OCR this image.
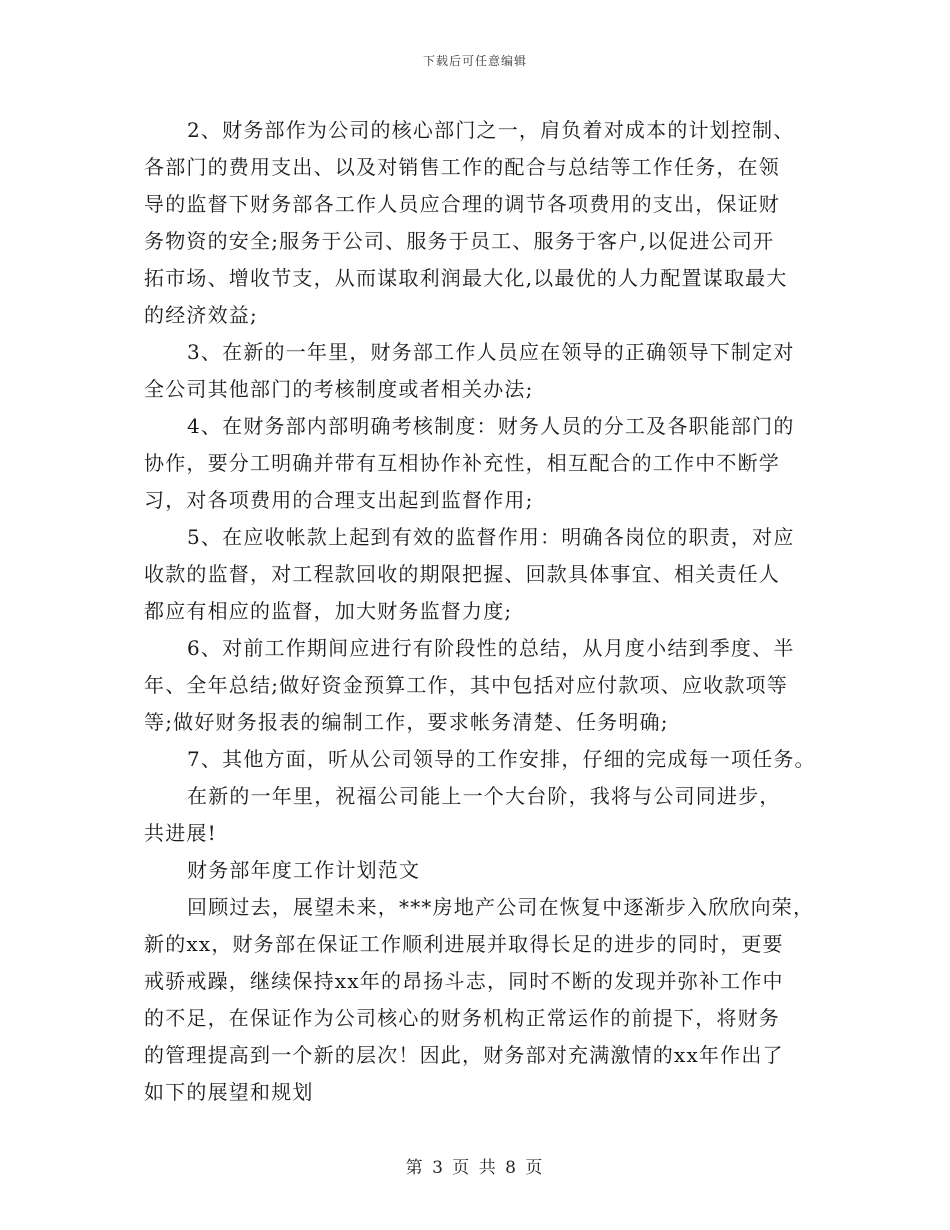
下载后可任意编辑
2、财务部作为公司的核心部门之一，肩负着对成本的计划控制、
各部门的费用支出、以及对销售工作的配合与总结等工作任务，在领
导的监督下财务部各工作人员应合理的调节各项费用的支出，保证财
务物资的安全;服务于公司、服务于员工、服务于客户,以促进公司开
拓市场、增收节支，从而谋取利润最大化,以最优的人力配置谋取最大
的经济效益;
3、在新的一年里，财务部工作人员应在领导的正确领导下制定对
全公司其他部门的考核制度或者相关办法;
4、在财务部内部明确考核制度：财务人员的分工及各职能部门的
协作，要分工明确并带有互相协作补充性，相互配合的工作中不断学
习，对各项费用的合理支出起到监督作用;
5、在应收帐款上起到有效的监督作用：明确各岗位的职责，对应
收款的监督，对工程款回收的期限把握、回款具体事宜、相关责任人
都应有相应的监督，加大财务监督力度;
6、对前工作期间应进行有阶段性的总结，从月度小结到季度、半
年、全年总结;做好资金预算工作，其中包括对应付款项、应收款项等
等;做好财务报表的编制工作，要求帐务清楚、任务明确;
7、其他方面，听从公司领导的工作安排，仔细的完成每一项任务。
在新的一年里，祝福公司能上一个大台阶，我将与公司同进步，
共进展!
财务部年度工作计划范文
回顾过去，展望未来，***房地产公司在恢复中逐渐步入欣欣向荣，
新的xx，财务部在保证工作顺利进展并取得长足的进步的同时，更要
戒骄戒躁，继续保持xx年的昂扬斗志，同时不断的发现并弥补工作中
的不足，在保证作为公司核心的财务机构正常运作的前提下，将财务
的管理提高到一个新的层次！因此，财务部对充满激情的xx年作出了
如下的展望和规划
第 3 页 共 8 页
